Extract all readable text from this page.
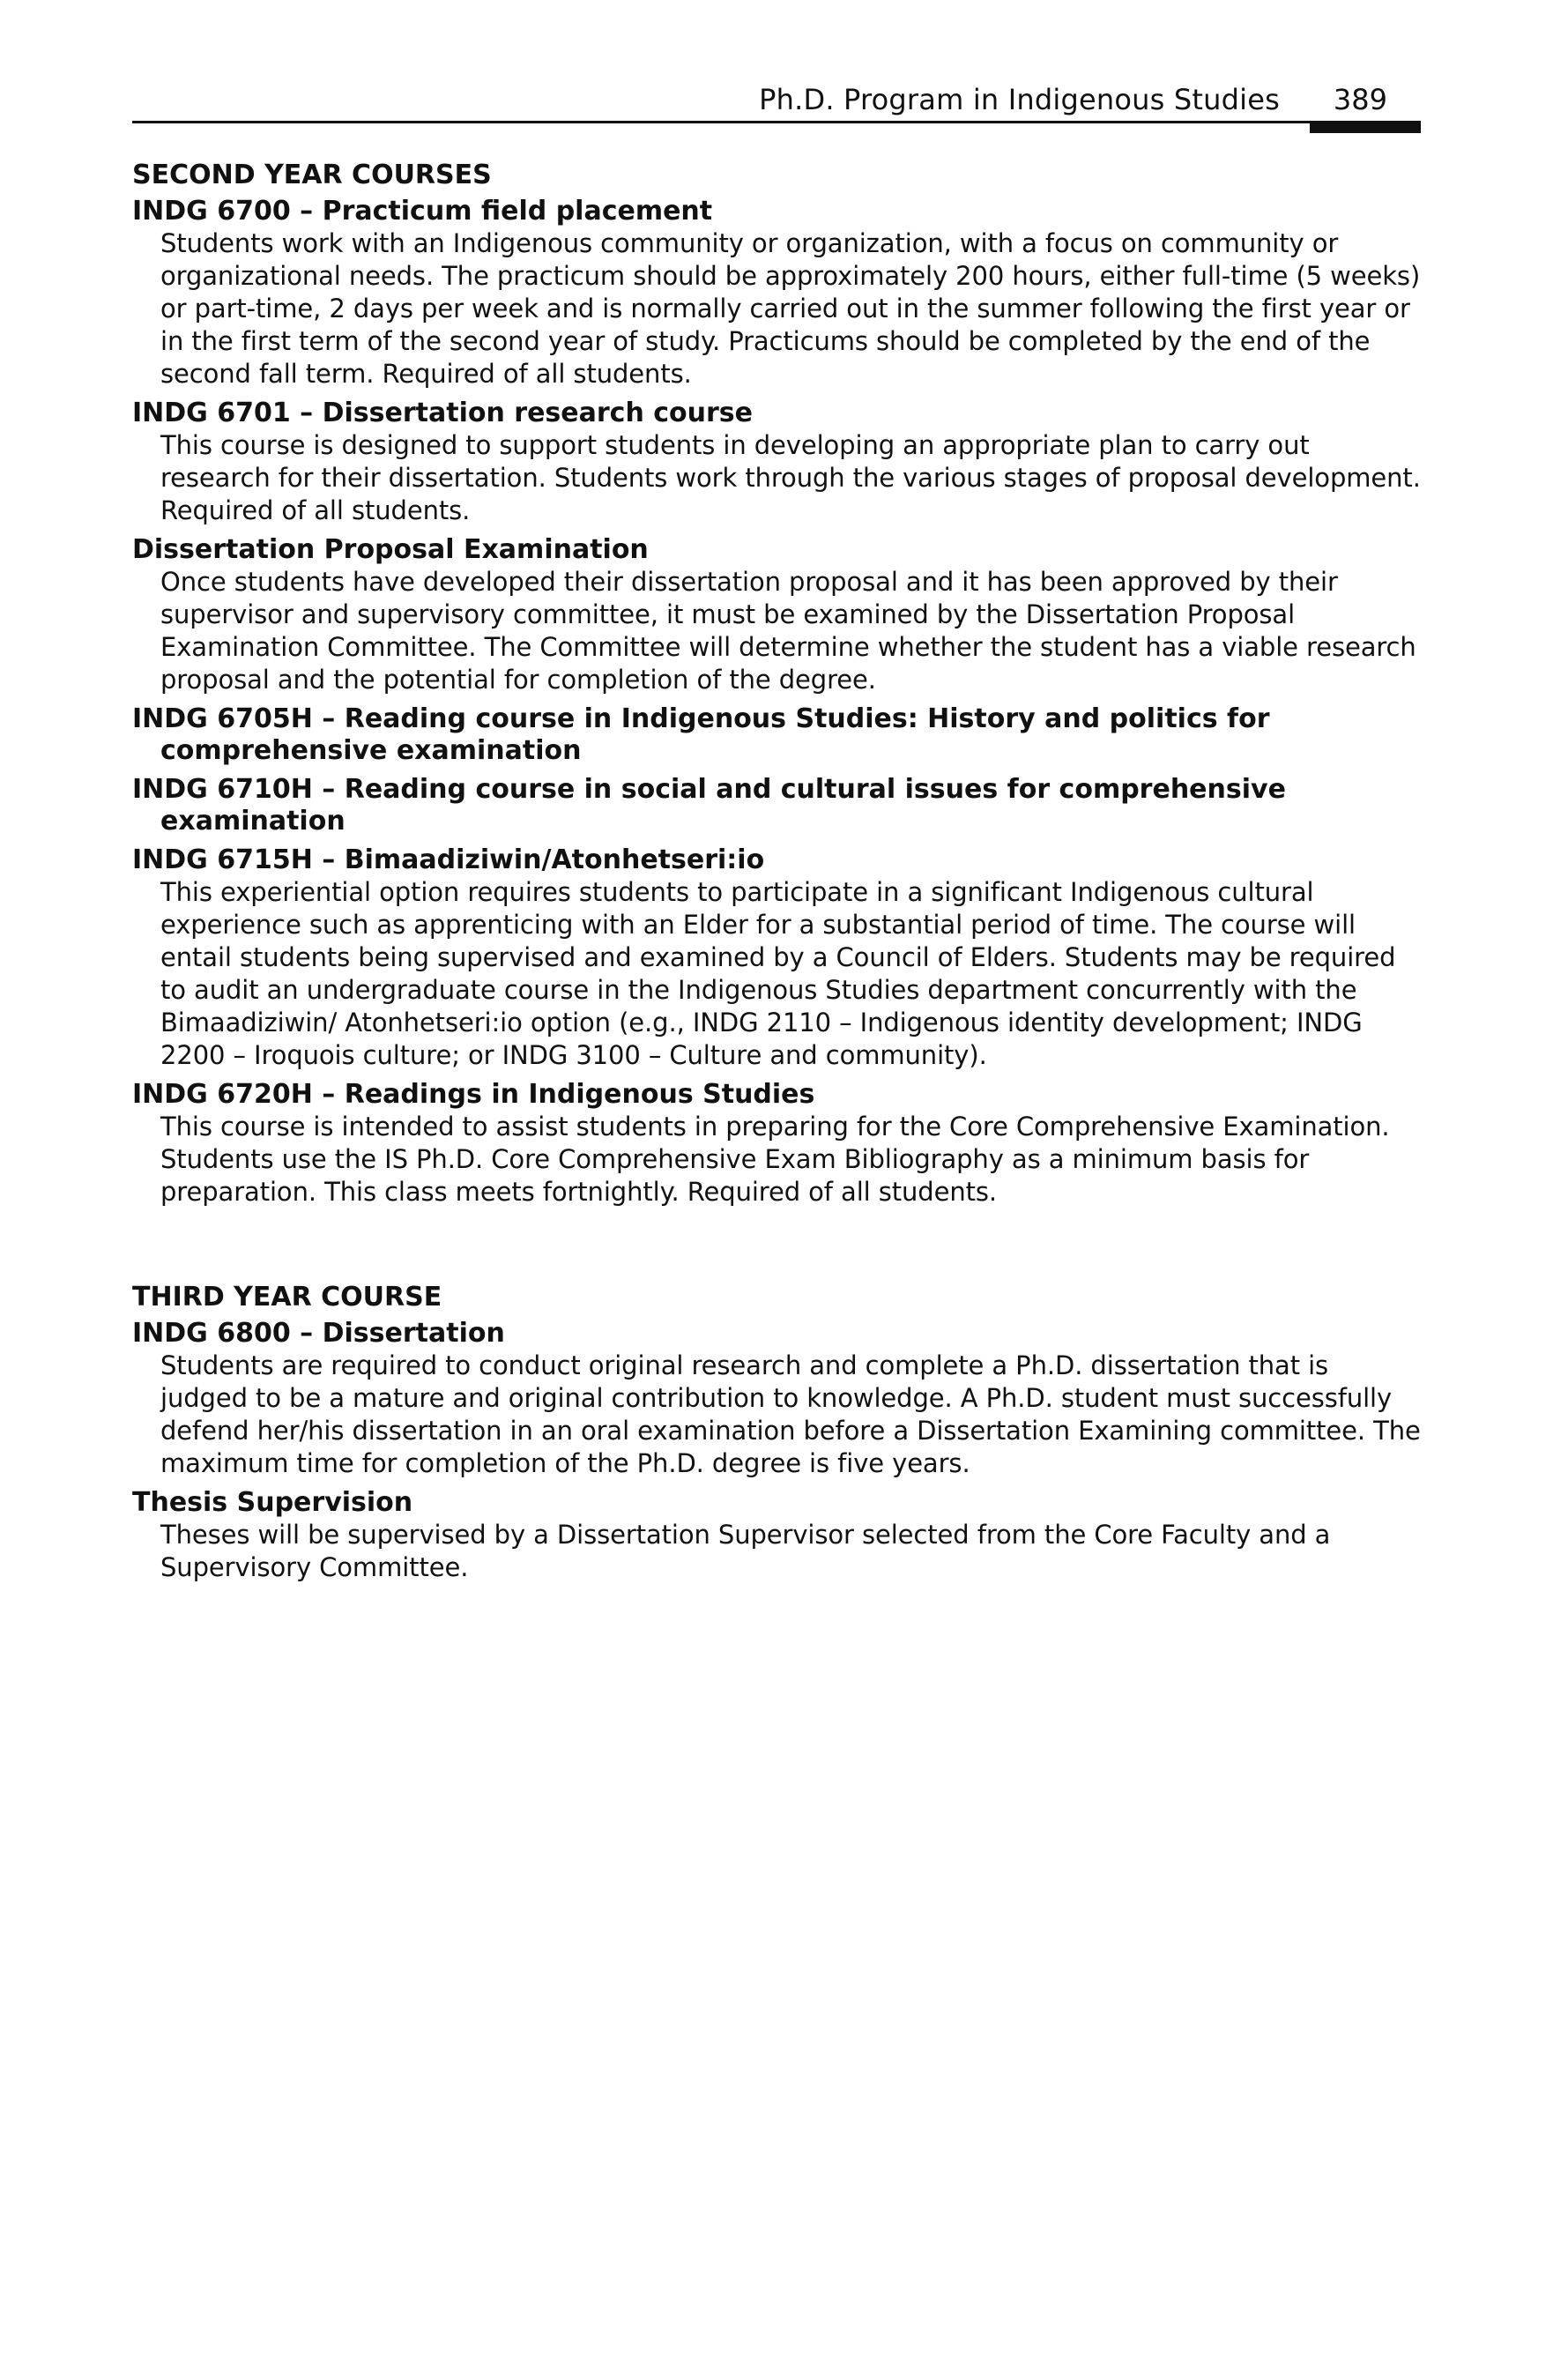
Ph.D. Program in Indigenous Studies 389

SECOND YEAR COURSES

INDG 6700 – Practicum field placement

Students work with an Indigenous community or organization, with a focus on community or organizational needs. The practicum should be approximately 200 hours, either full-time (5 weeks) or part-time, 2 days per week and is normally carried out in the summer following the first year or in the first term of the second year of study. Practicums should be completed by the end of the second fall term. Required of all students.

INDG 6701 – Dissertation research course

This course is designed to support students in developing an appropriate plan to carry out research for their dissertation. Students work through the various stages of proposal development. Required of all students.

Dissertation Proposal Examination

Once students have developed their dissertation proposal and it has been approved by their supervisor and supervisory committee, it must be examined by the Dissertation Proposal Examination Committee. The Committee will determine whether the student has a viable research proposal and the potential for completion of the degree.

INDG 6705H – Reading course in Indigenous Studies: History and politics for comprehensive examination

INDG 6710H – Reading course in social and cultural issues for comprehensive examination

INDG 6715H – Bimaadiziwin/Atonhetseri:io

This experiential option requires students to participate in a significant Indigenous cultural experience such as apprenticing with an Elder for a substantial period of time. The course will entail students being supervised and examined by a Council of Elders. Students may be required to audit an undergraduate course in the Indigenous Studies department concurrently with the Bimaadiziwin/ Atonhetseri:io option (e.g., INDG 2110 – Indigenous identity development; INDG 2200 – Iroquois culture; or INDG 3100 – Culture and community).

INDG 6720H – Readings in Indigenous Studies

This course is intended to assist students in preparing for the Core Comprehensive Examination. Students use the IS Ph.D. Core Comprehensive Exam Bibliography as a minimum basis for preparation. This class meets fortnightly. Required of all students.

THIRD YEAR COURSE

INDG 6800 – Dissertation

Students are required to conduct original research and complete a Ph.D. dissertation that is judged to be a mature and original contribution to knowledge. A Ph.D. student must successfully defend her/his dissertation in an oral examination before a Dissertation Examining committee. The maximum time for completion of the Ph.D. degree is five years.

Thesis Supervision

Theses will be supervised by a Dissertation Supervisor selected from the Core Faculty and a Supervisory Committee.
